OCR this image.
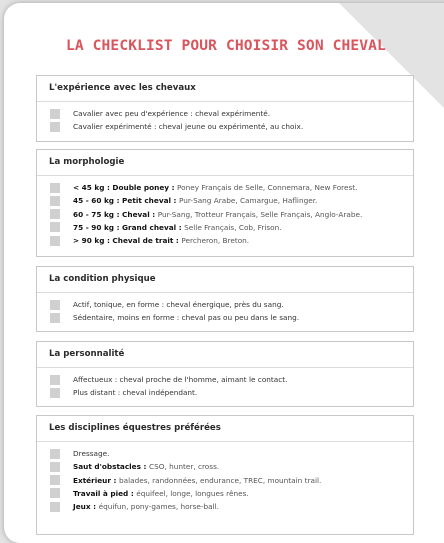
LA CHECKLIST POUR CHOISIR SON CHEVAL
L'expérience avec les chevaux
Cavalier avec peu d'expérience : cheval expérimenté.
Cavalier expérimenté : cheval jeune ou expérimenté, au choix.
La morphologie
< 45 kg : Double poney : Poney Français de Selle, Connemara, New Forest.
45 - 60 kg : Petit cheval : Pur-Sang Arabe, Camargue, Haflinger.
60 - 75 kg : Cheval : Pur-Sang, Trotteur Français, Selle Français, Anglo-Arabe.
75 - 90 kg : Grand cheval : Selle Français, Cob, Frison.
> 90 kg : Cheval de trait : Percheron, Breton.
La condition physique
Actif, tonique, en forme : cheval énergique, près du sang.
Sédentaire, moins en forme : cheval pas ou peu dans le sang.
La personnalité
Affectueux : cheval proche de l'homme, aimant le contact.
Plus distant : cheval indépendant.
Les disciplines équestres préférées
Dressage.
Saut d'obstacles : CSO, hunter, cross.
Extérieur : balades, randonnées, endurance, TREC, mountain trail.
Travail à pied : équifeel, longe, longues rênes.
Jeux : équifun, pony-games, horse-ball.
